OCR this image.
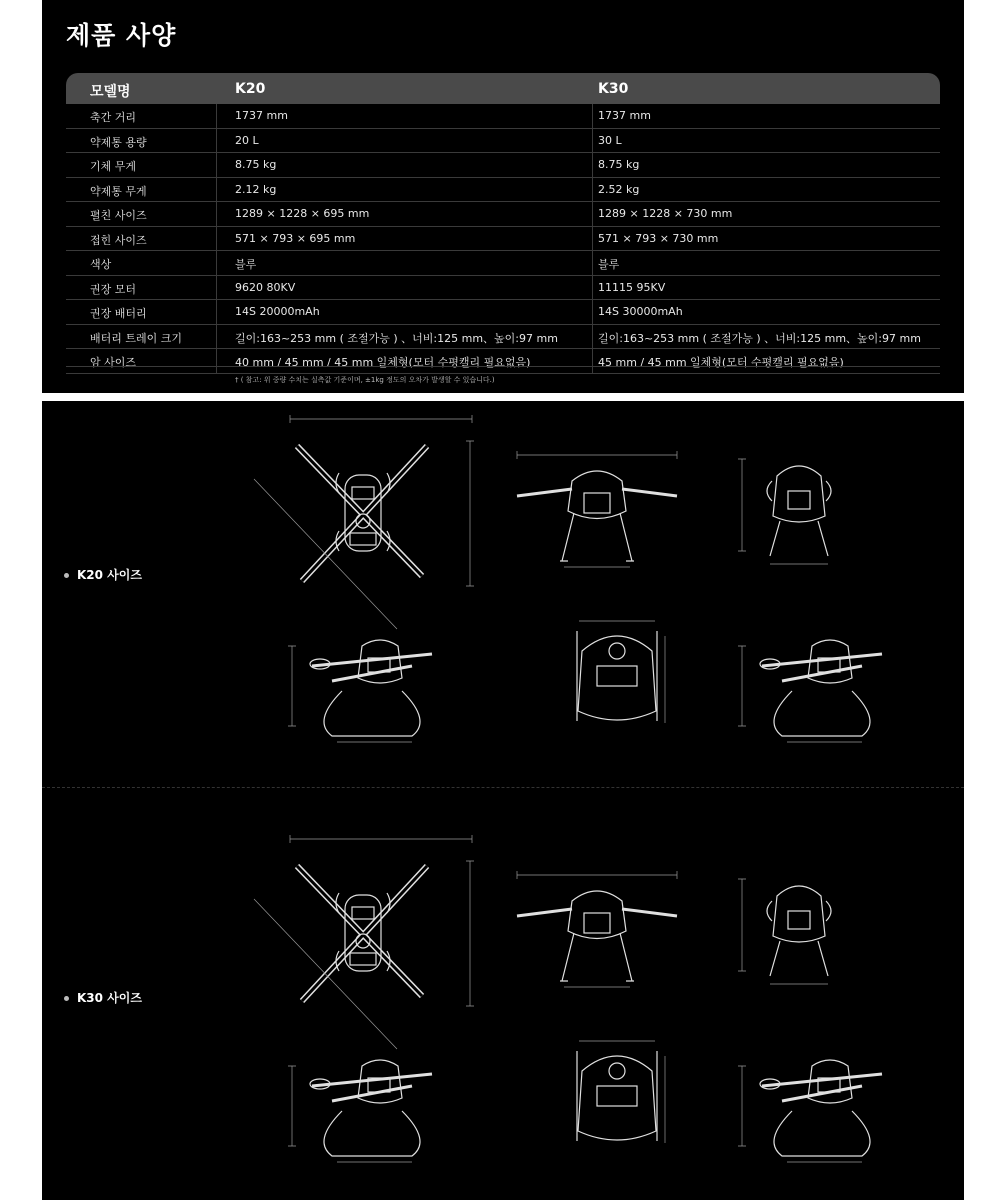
제품 사양
모델명	K20	K30
축간 거리	1737 mm	1737 mm
약제통 용량	20 L	30 L
기체 무게	8.75 kg	8.75 kg
약제통 무게	2.12 kg	2.52 kg
펼친 사이즈	1289 × 1228 × 695 mm	1289 × 1228 × 730 mm
접힌 사이즈	571 × 793 × 695 mm	571 × 793 × 730 mm
색상	블루	블루
권장 모터	9620 80KV	11115 95KV
권장 배터리	14S 20000mAh	14S 30000mAh
배터리 트레이 크기	길이:163~253 mm ( 조절가능 ) 、너비:125 mm、높이:97 mm	길이:163~253 mm ( 조절가능 ) 、너비:125 mm、높이:97 mm
암 사이즈	40 mm / 45 mm / 45 mm 일체형(모터 수평캘리 필요없음)	45 mm / 45 mm 일체형(모터 수평캘리 필요없음)
† ( 참고: 위 중량 수치는 실측값 기준이며, ±1kg 정도의 오차가 발생할 수 있습니다.)
K20 사이즈
K30 사이즈
